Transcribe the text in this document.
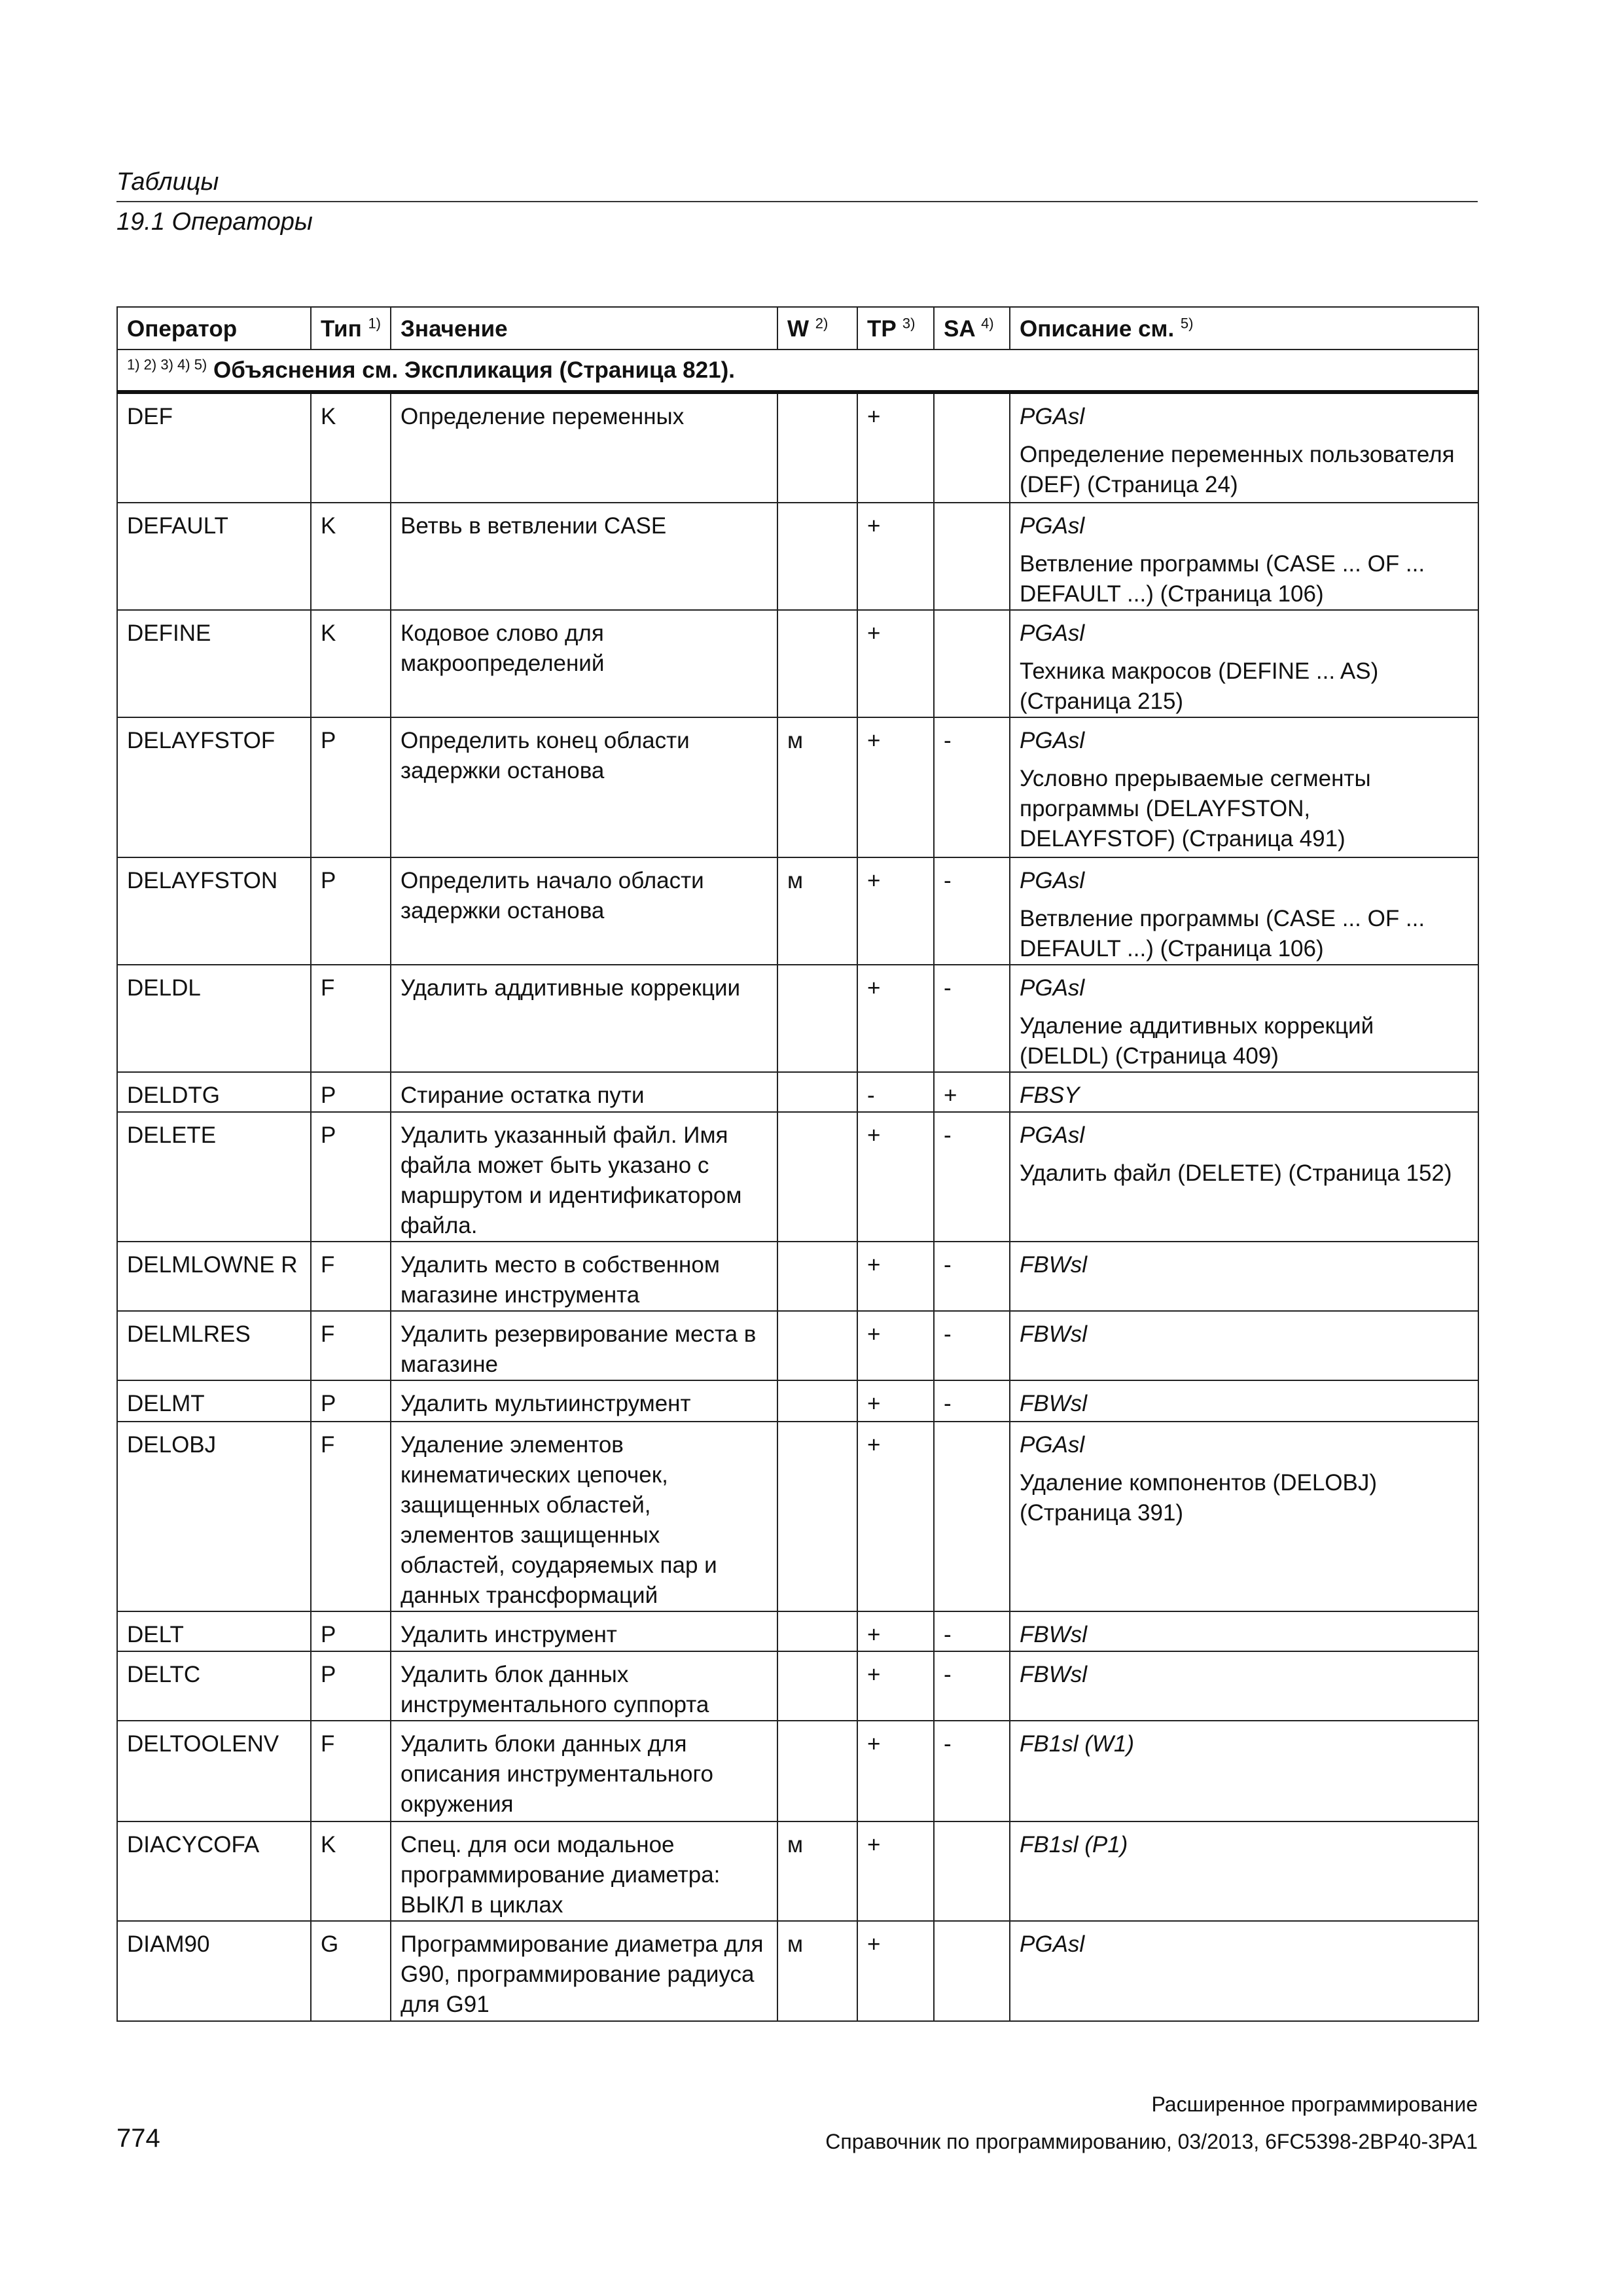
Таблицы
19.1 Операторы
Оператор	Тип $^{1)}$	Значение	W $^{2)}$	TP $^{3)}$	SA $^{4)}$	Описание см. $^{5)}$
$^{1) 2) 3) 4) 5)}$ Объяснения см. Экспликация (Страница 821).						
DEF	K	Определение переменных		+		PGAsl
Определение переменных пользователя (DEF) (Страница 24)

DEFAULT	K	Ветвь в ветвлении CASE		+		PGAsl
Ветвление программы (CASE ... OF ... DEFAULT ...) (Страница 106)

DEFINE	K	Кодовое слово для макроопределений		+		PGAsl
Техника макросов (DEFINE ... AS) (Страница 215)

DELAYFSTOF	P	Определить конец области задержки останова	м	+	-	PGAsl
Условно прерываемые сегменты программы (DELAYFSTON, DELAYFSTOF) (Страница 491)

DELAYFSTON	P	Определить начало области задержки останова	м	+	-	PGAsl
Ветвление программы (CASE ... OF ... DEFAULT ...) (Страница 106)

DELDL	F	Удалить аддитивные коррекции		+	-	PGAsl
Удаление аддитивных коррекций (DELDL) (Страница 409)

DELDTG	P	Стирание остатка пути		-	+	FBSY

DELETE	P	Удалить указанный файл. Имя файла может быть указано с маршрутом и идентификатором файла.		+	-	PGAsl
Удалить файл (DELETE) (Страница 152)

DELMLOWNE R	F	Удалить место в собственном магазине инструмента		+	-	FBWsl

DELMLRES	F	Удалить резервирование места в магазине		+	-	FBWsl

DELMT	P	Удалить мультиинструмент		+	-	FBWsl

DELOBJ	F	Удаление элементов кинематических цепочек, защищенных областей, элементов защищенных областей, соударяемых пар и данных трансформаций		+		PGAsl
Удаление компонентов (DELOBJ) (Страница 391)

DELT	P	Удалить инструмент		+	-	FBWsl

DELTC	P	Удалить блок данных инструментального суппорта		+	-	FBWsl

DELTOOLENV	F	Удалить блоки данных для описания инструментального окружения		+	-	FB1sl (W1)

DIACYCOFA	K	Спец. для оси модальное программирование диаметра: ВЫКЛ в циклах	м	+		FB1sl (P1)

DIAM90	G	Программирование диаметра для G90, программирование радиуса для G91	м	+		PGAsl
Расширенное программирование
774	Справочник по программированию, 03/2013, 6FC5398-2BP40-3PA1
